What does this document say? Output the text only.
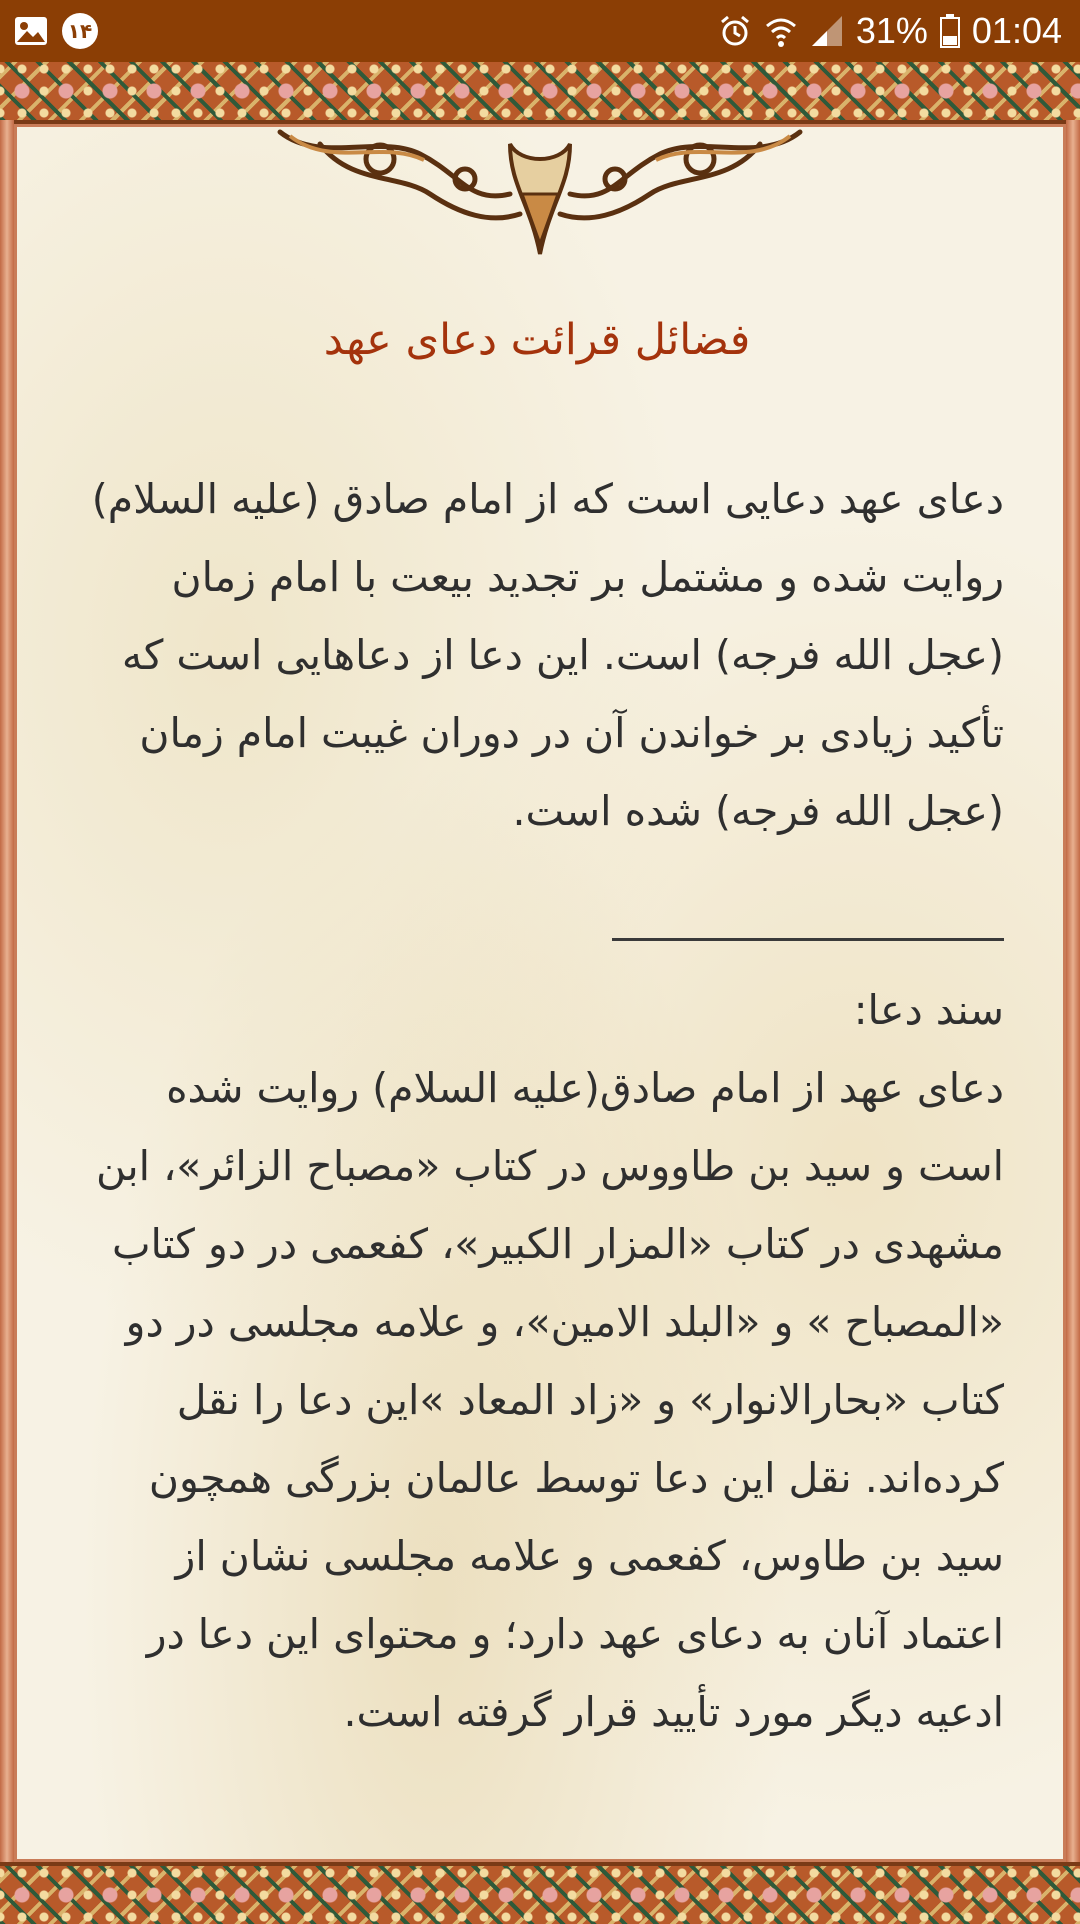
۱۴	31% 01:04
فضائل قرائت دعای عهد

دعای عهد دعایی است که از امام صادق (علیه السلام) روایت شده و مشتمل بر تجدید بیعت با امام زمان (عجل الله فرجه) است. این دعا از دعاهایی است که تأکید زیادی بر خواندن آن در دوران غیبت امام زمان (عجل الله فرجه) شده است.

سند دعا:

دعای عهد از امام صادق(علیه السلام) روایت شده است و سید بن طاووس در کتاب «مصباح الزائر»، ابن مشهدی در کتاب «المزار الکبیر»، کفعمی در دو کتاب «المصباح » و «البلد الامین»، و علامه مجلسی در دو کتاب «بحارالانوار» و «زاد المعاد »این دعا را نقل کرده‌اند. نقل این دعا توسط عالمان بزرگی همچون سید بن طاوس، کفعمی و علامه مجلسی نشان از اعتماد آنان به دعای عهد دارد؛ و محتوای این دعا در ادعیه دیگر مورد تأیید قرار گرفته است.
